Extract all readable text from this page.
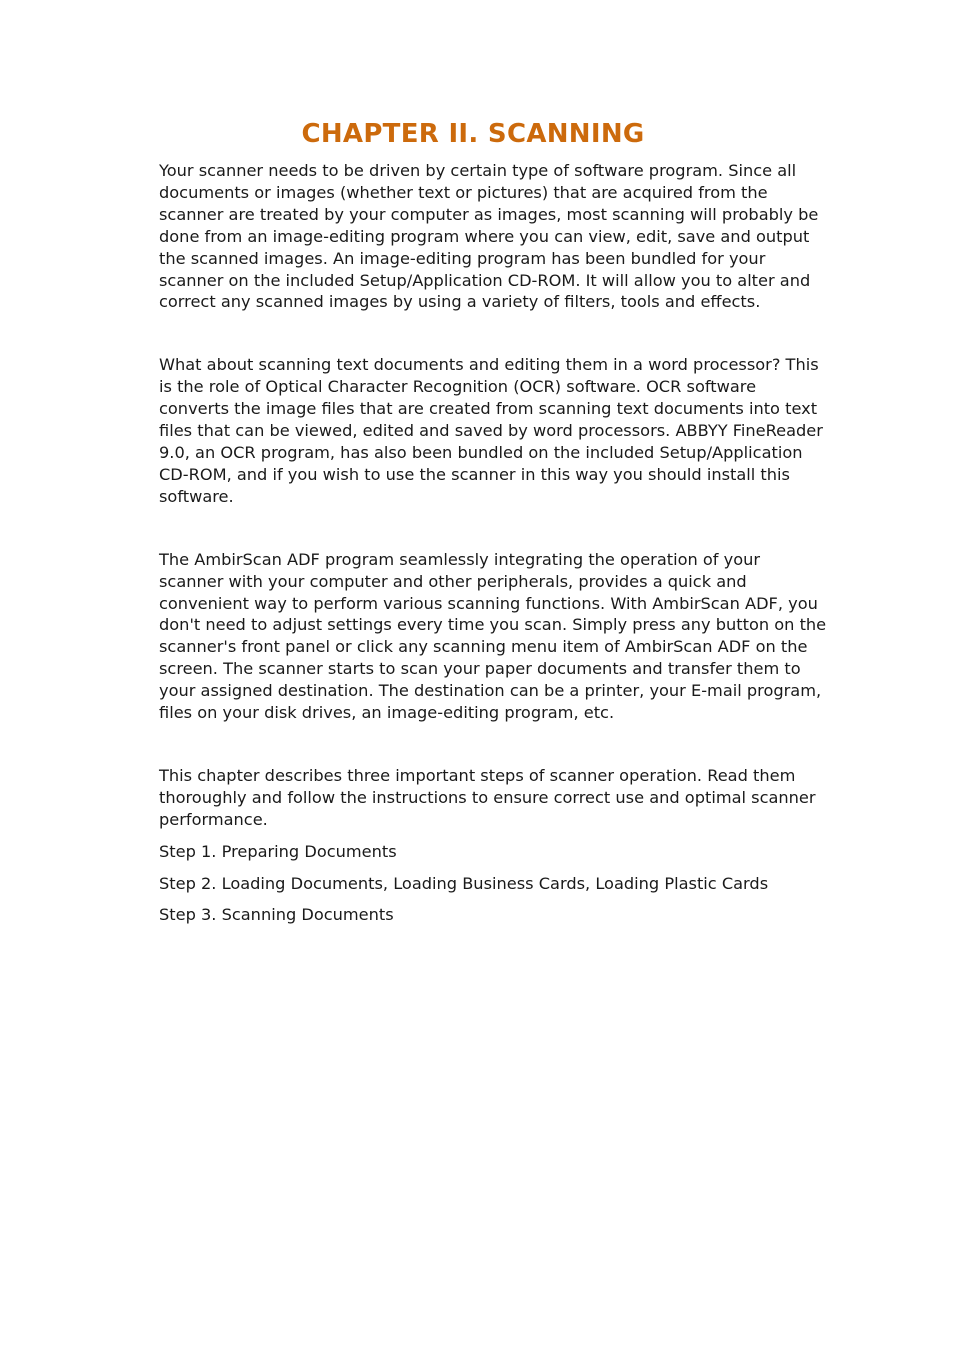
CHAPTER II. SCANNING

Your scanner needs to be driven by certain type of software program. Since all documents or images (whether text or pictures) that are acquired from the scanner are treated by your computer as images, most scanning will probably be done from an image-editing program where you can view, edit, save and output the scanned images. An image-editing program has been bundled for your scanner on the included Setup/Application CD-ROM. It will allow you to alter and correct any scanned images by using a variety of filters, tools and effects.

What about scanning text documents and editing them in a word processor? This is the role of Optical Character Recognition (OCR) software. OCR software converts the image files that are created from scanning text documents into text files that can be viewed, edited and saved by word processors. ABBYY FineReader 9.0, an OCR program, has also been bundled on the included Setup/Application CD-ROM, and if you wish to use the scanner in this way you should install this software.

The AmbirScan ADF program seamlessly integrating the operation of your scanner with your computer and other peripherals, provides a quick and convenient way to perform various scanning functions. With AmbirScan ADF, you don't need to adjust settings every time you scan. Simply press any button on the scanner's front panel or click any scanning menu item of AmbirScan ADF on the screen. The scanner starts to scan your paper documents and transfer them to your assigned destination. The destination can be a printer, your E-mail program, files on your disk drives, an image-editing program, etc.

This chapter describes three important steps of scanner operation. Read them thoroughly and follow the instructions to ensure correct use and optimal scanner performance.

Step 1. Preparing Documents

Step 2. Loading Documents, Loading Business Cards, Loading Plastic Cards

Step 3. Scanning Documents
